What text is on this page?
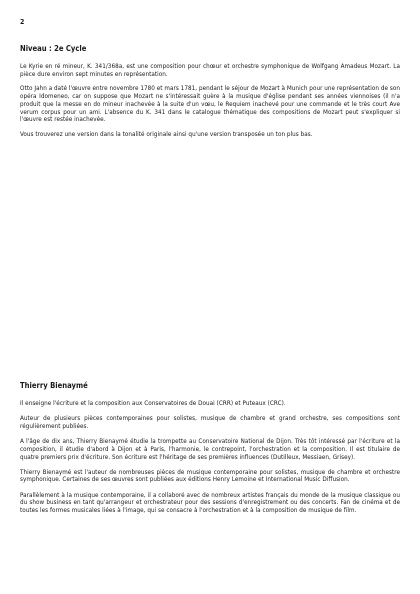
2
Niveau : 2e Cycle

Le Kyrie en ré mineur, K. 341/368a, est une composition pour chœur et orchestre symphonique de Wolfgang Amadeus Mozart. La pièce dure environ sept minutes en représentation.

Otto Jahn a daté l'œuvre entre novembre 1780 et mars 1781, pendant le séjour de Mozart à Munich pour une représentation de son opéra Idomeneo, car on suppose que Mozart ne s'intéressait guère à la musique d'église pendant ses années viennoises (il n'a produit que la messe en do mineur inachevée à la suite d'un vœu, le Requiem inachevé pour une commande et le très court Ave verum corpus pour un ami. L'absence du K. 341 dans le catalogue thématique des compositions de Mozart peut s'expliquer si l'œuvre est restée inachevée.

Vous trouverez une version dans la tonalité originale ainsi qu'une version transposée un ton plus bas.

Thierry Bienaymé

Il enseigne l'écriture et la composition aux Conservatoires de Douai (CRR) et Puteaux (CRC).

Auteur de plusieurs pièces contemporaines pour solistes, musique de chambre et grand orchestre, ses compositions sont régulièrement publiées.

A l'âge de dix ans, Thierry Bienaymé étudie la trompette au Conservatoire National de Dijon. Très tôt intéressé par l'écriture et la composition, il étudie d'abord à Dijon et à Paris, l'harmonie, le contrepoint, l'orchestration et la composition. Il est titulaire de quatre premiers prix d'écriture. Son écriture est l'héritage de ses premières influences (Dutilleux, Messiaen, Grisey).

Thierry Bienaymé est l'auteur de nombreuses pièces de musique contemporaine pour solistes, musique de chambre et orchestre symphonique. Certaines de ses œuvres sont publiées aux éditions Henry Lemoine et International Music Diffusion.

Parallèlement à la musique contemporaine, il a collaboré avec de nombreux artistes français du monde de la musique classique ou du show business en tant qu'arrangeur et orchestrateur pour des sessions d'enregistrement ou des concerts. Fan de cinéma et de toutes les formes musicales liées à l'image, qui se consacre à l'orchestration et à la composition de musique de film.
